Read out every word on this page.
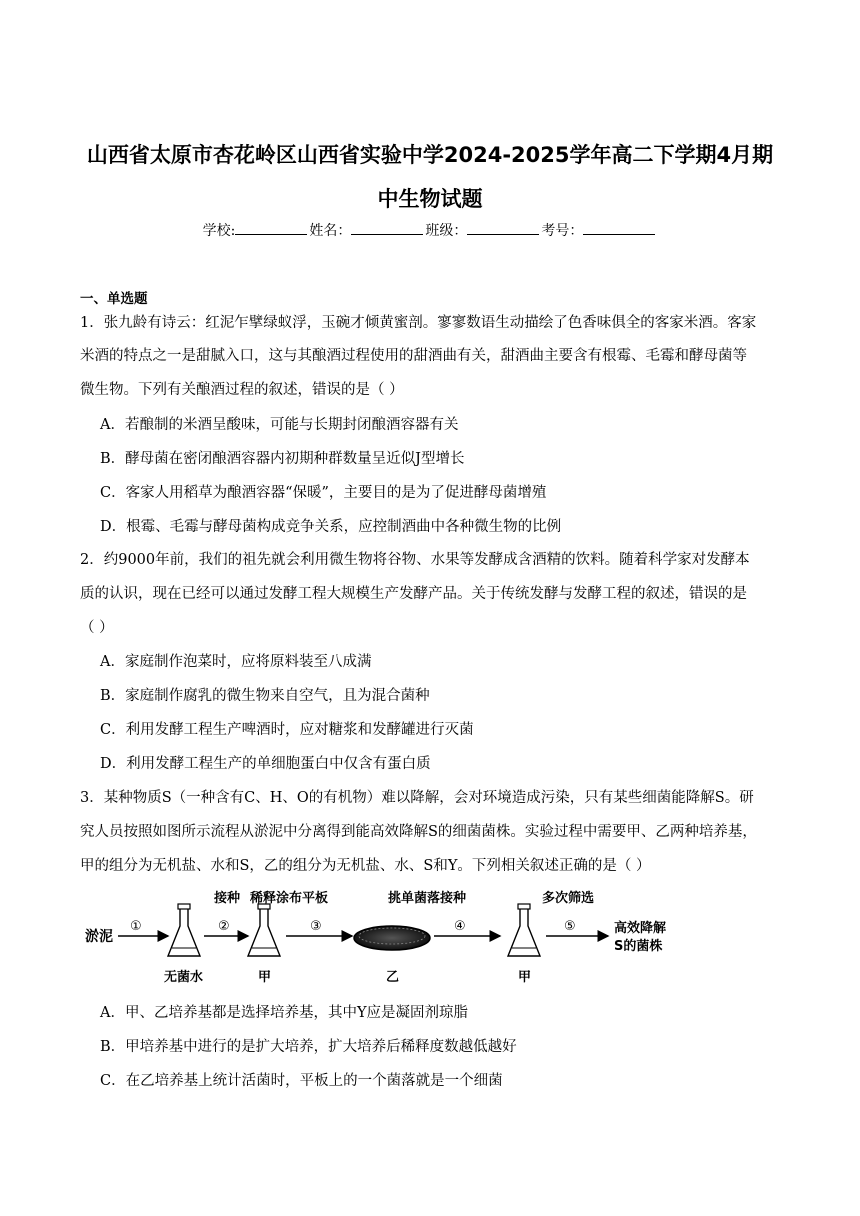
山西省太原市杏花岭区山西省实验中学2024-2025学年高二下学期4月期
中生物试题
学校:	姓名：	班级：	考号：
一、单选题
1．张九龄有诗云：红泥乍擘绿蚁浮，玉碗才倾黄蜜剖。寥寥数语生动描绘了色香味俱全的客家米酒。客家
米酒的特点之一是甜腻入口，这与其酿酒过程使用的甜酒曲有关，甜酒曲主要含有根霉、毛霉和酵母菌等
微生物。下列有关酿酒过程的叙述，错误的是（ ）
A．若酿制的米酒呈酸味，可能与长期封闭酿酒容器有关
B．酵母菌在密闭酿酒容器内初期种群数量呈近似J型增长
C．客家人用稻草为酿酒容器“保暖”，主要目的是为了促进酵母菌增殖
D．根霉、毛霉与酵母菌构成竞争关系，应控制酒曲中各种微生物的比例
2．约9000年前，我们的祖先就会利用微生物将谷物、水果等发酵成含酒精的饮料。随着科学家对发酵本
质的认识，现在已经可以通过发酵工程大规模生产发酵产品。关于传统发酵与发酵工程的叙述，错误的是
（ ）
A．家庭制作泡菜时，应将原料装至八成满
B．家庭制作腐乳的微生物来自空气，且为混合菌种
C．利用发酵工程生产啤酒时，应对糖浆和发酵罐进行灭菌
D．利用发酵工程生产的单细胞蛋白中仅含有蛋白质
3．某种物质S（一种含有C、H、O的有机物）难以降解，会对环境造成污染，只有某些细菌能降解S。研
究人员按照如图所示流程从淤泥中分离得到能高效降解S的细菌菌株。实验过程中需要甲、乙两种培养基，
甲的组分为无机盐、水和S，乙的组分为无机盐、水、S和Y。下列相关叙述正确的是（ ）
淤泥
①
无菌水
接种
②
甲
稀释涂布平板
③
乙
挑单菌落接种
④
甲
多次筛选
⑤	高效降解
S的菌株
A．甲、乙培养基都是选择培养基，其中Y应是凝固剂琼脂
B．甲培养基中进行的是扩大培养，扩大培养后稀释度数越低越好
C．在乙培养基上统计活菌时，平板上的一个菌落就是一个细菌
